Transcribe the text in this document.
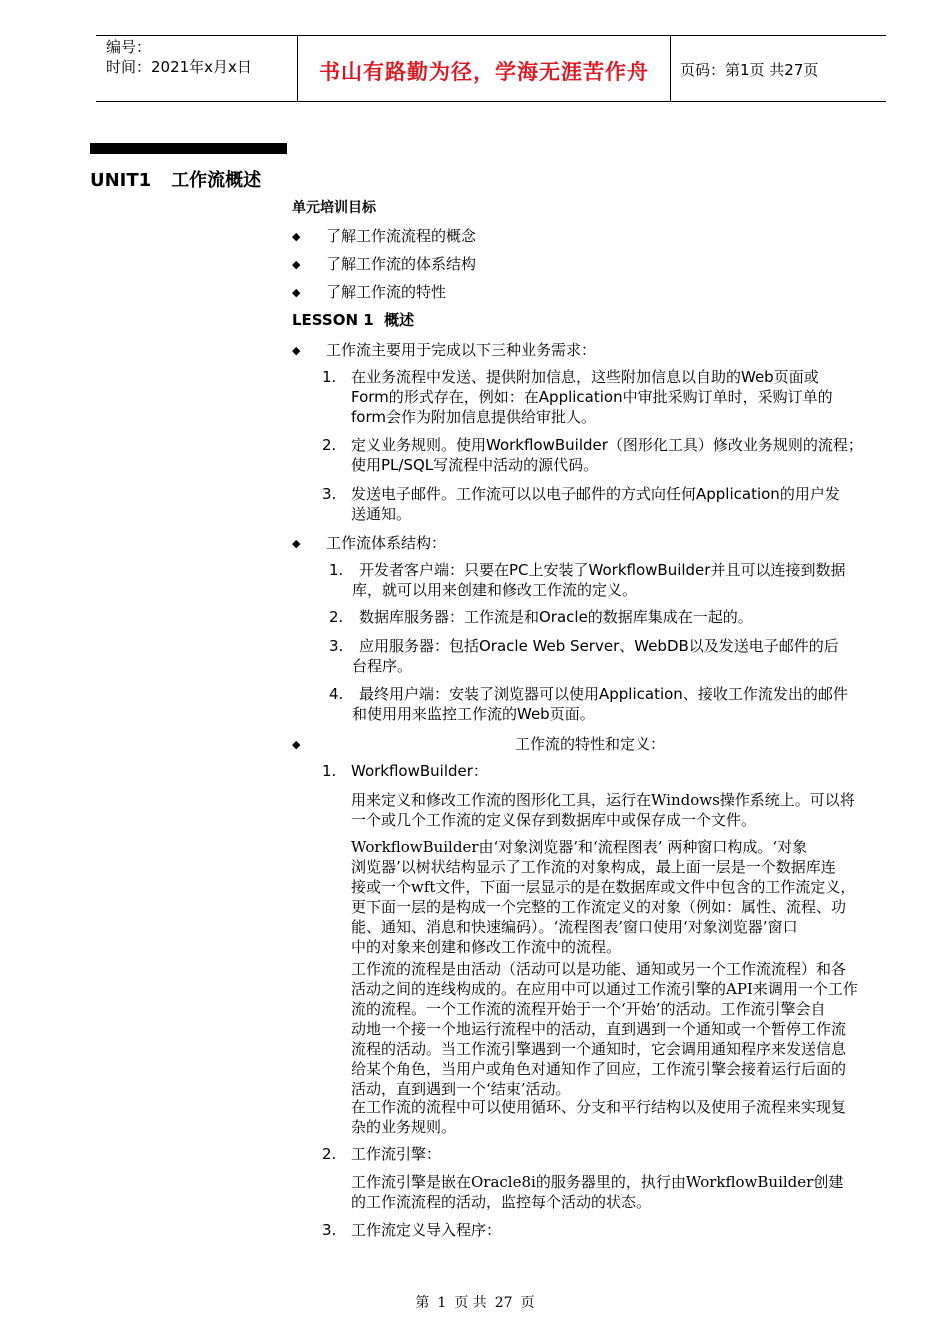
编号：
时间：2021年x月x日	书山有路勤为径，学海无涯苦作舟	页码：第1页 共27页
UNIT1 工作流概述
单元培训目标
◆ 了解工作流流程的概念
◆ 了解工作流的体系结构
◆ 了解工作流的特性
LESSON 1 概述
◆ 工作流主要用于完成以下三种业务需求：
1. 在业务流程中发送、提供附加信息，这些附加信息以自助的Web页面或
Form的形式存在，例如：在Application中审批采购订单时，采购订单的
form会作为附加信息提供给审批人。
2. 定义业务规则。使用WorkflowBuilder（图形化工具）修改业务规则的流程；
使用PL/SQL写流程中活动的源代码。
3. 发送电子邮件。工作流可以以电子邮件的方式向任何Application的用户发
送通知。
◆ 工作流体系结构：
1.	开发者客户端：只要在PC上安装了WorkflowBuilder并且可以连接到数据
库，就可以用来创建和修改工作流的定义。
2. 数据库服务器：工作流是和Oracle的数据库集成在一起的。
3.	应用服务器：包括Oracle Web Server、WebDB以及发送电子邮件的后
台程序。
4.	最终用户端：安装了浏览器可以使用Application、接收工作流发出的邮件
和使用用来监控工作流的Web页面。
◆	工作流的特性和定义：
1. WorkflowBuilder：
用来定义和修改工作流的图形化工具，运行在Windows操作系统上。可以将
一个或几个工作流的定义保存到数据库中或保存成一个文件。
WorkflowBuilder由‘对象浏览器’和‘流程图表’ 两种窗口构成。‘对象
浏览器’以树状结构显示了工作流的对象构成，最上面一层是一个数据库连
接或一个wft文件，下面一层显示的是在数据库或文件中包含的工作流定义，
更下面一层的是构成一个完整的工作流定义的对象（例如：属性、流程、功
能、通知、消息和快速编码）。‘流程图表’窗口使用‘对象浏览器’窗口
中的对象来创建和修改工作流中的流程。
工作流的流程是由活动（活动可以是功能、通知或另一个工作流流程）和各
活动之间的连线构成的。在应用中可以通过工作流引擎的API来调用一个工作
流的流程。一个工作流的流程开始于一个‘开始’的活动。工作流引擎会自
动地一个接一个地运行流程中的活动，直到遇到一个通知或一个暂停工作流
流程的活动。当工作流引擎遇到一个通知时，它会调用通知程序来发送信息
给某个角色，当用户或角色对通知作了回应，工作流引擎会接着运行后面的
活动，直到遇到一个‘结束’活动。
在工作流的流程中可以使用循环、分支和平行结构以及使用子流程来实现复
杂的业务规则。
2. 工作流引擎：
工作流引擎是嵌在Oracle8i的服务器里的，执行由WorkflowBuilder创建
的工作流流程的活动，监控每个活动的状态。
3. 工作流定义导入程序：
第 1 页 共 27 页
